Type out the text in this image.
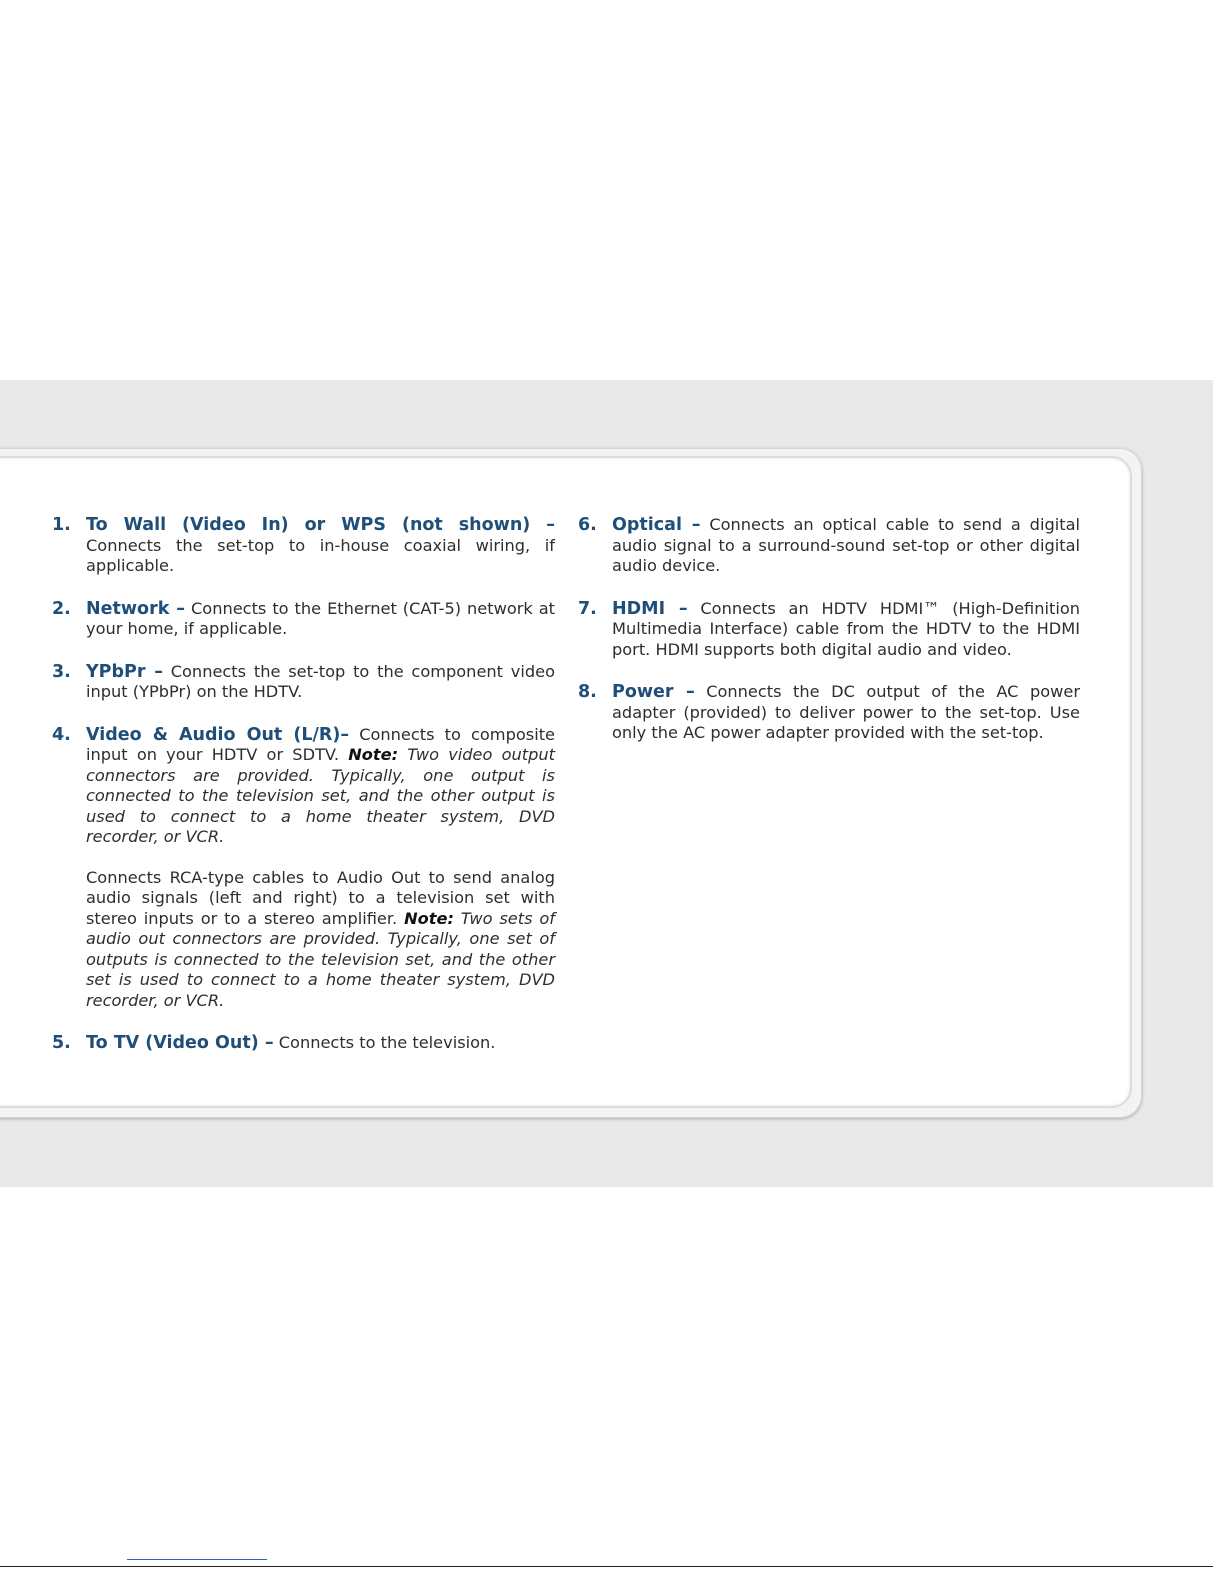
1. To Wall (Video In) or WPS (not shown) – Connects the set-top to in-house coaxial wiring, if applicable.
2. Network – Connects to the Ethernet (CAT-5) network at your home, if applicable.
3. YPbPr – Connects the set-top to the component video input (YPbPr) on the HDTV.
4. Video & Audio Out (L/R)– Connects to composite input on your HDTV or SDTV. Note: Two video output connectors are provided. Typically, one output is connected to the television set, and the other output is used to connect to a home theater system, DVD recorder, or VCR.
Connects RCA-type cables to Audio Out to send analog audio signals (left and right) to a television set with stereo inputs or to a stereo amplifier. Note: Two sets of audio out connectors are provided. Typically, one set of outputs is connected to the television set, and the other set is used to connect to a home theater system, DVD recorder, or VCR.
5. To TV (Video Out) – Connects to the television.
6. Optical – Connects an optical cable to send a digital audio signal to a surround-sound set-top or other digital audio device.
7. HDMI – Connects an HDTV HDMI™ (High-Definition Multimedia Interface) cable from the HDTV to the HDMI port. HDMI supports both digital audio and video.
8. Power – Connects the DC output of the AC power adapter (provided) to deliver power to the set-top. Use only the AC power adapter provided with the set-top.
